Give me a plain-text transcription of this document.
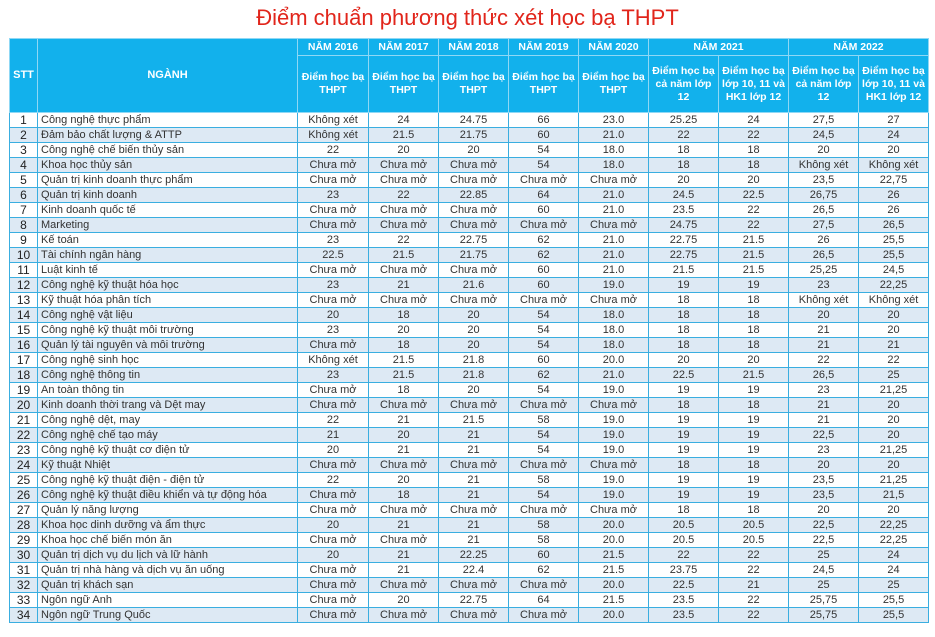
Điểm chuẩn phương thức xét học bạ THPT
STT	NGÀNH	NĂM 2016	NĂM 2017	NĂM 2018	NĂM 2019	NĂM 2020	NĂM 2021		NĂM 2022	
		Điểm học bạ THPT	Điểm học bạ THPT	Điểm học bạ THPT	Điểm học bạ THPT	Điểm học bạ THPT	Điểm học bạ cả năm lớp 12	Điểm học bạ lớp 10, 11 và HK1 lớp 12	Điểm học bạ cả năm lớp 12	Điểm học bạ lớp 10, 11 và HK1 lớp 12
1	Công nghệ thực phẩm	Không xét	24	24.75	66	23.0	25.25	24	27,5	27
2	Đảm bảo chất lượng & ATTP	Không xét	21.5	21.75	60	21.0	22	22	24,5	24
3	Công nghệ chế biến thủy sản	22	20	20	54	18.0	18	18	20	20
4	Khoa học thủy sản	Chưa mở	Chưa mở	Chưa mở	54	18.0	18	18	Không xét	Không xét
5	Quản trị kinh doanh thực phẩm	Chưa mở	Chưa mở	Chưa mở	Chưa mở	Chưa mở	20	20	23,5	22,75
6	Quản trị kinh doanh	23	22	22.85	64	21.0	24.5	22.5	26,75	26
7	Kinh doanh quốc tế	Chưa mở	Chưa mở	Chưa mở	60	21.0	23.5	22	26,5	26
8	Marketing	Chưa mở	Chưa mở	Chưa mở	Chưa mở	Chưa mở	24.75	22	27,5	26,5
9	Kế toán	23	22	22.75	62	21.0	22.75	21.5	26	25,5
10	Tài chính ngân hàng	22.5	21.5	21.75	62	21.0	22.75	21.5	26,5	25,5
11	Luật kinh tế	Chưa mở	Chưa mở	Chưa mở	60	21.0	21.5	21.5	25,25	24,5
12	Công nghệ kỹ thuật hóa học	23	21	21.6	60	19.0	19	19	23	22,25
13	Kỹ thuật hóa phân tích	Chưa mở	Chưa mở	Chưa mở	Chưa mở	Chưa mở	18	18	Không xét	Không xét
14	Công nghệ vật liệu	20	18	20	54	18.0	18	18	20	20
15	Công nghệ kỹ thuật môi trường	23	20	20	54	18.0	18	18	21	20
16	Quản lý tài nguyên và môi trường	Chưa mở	18	20	54	18.0	18	18	21	21
17	Công nghệ sinh học	Không xét	21.5	21.8	60	20.0	20	20	22	22
18	Công nghệ thông tin	23	21.5	21.8	62	21.0	22.5	21.5	26,5	25
19	An toàn thông tin	Chưa mở	18	20	54	19.0	19	19	23	21,25
20	Kinh doanh thời trang và Dệt may	Chưa mở	Chưa mở	Chưa mở	Chưa mở	Chưa mở	18	18	21	20
21	Công nghệ dệt, may	22	21	21.5	58	19.0	19	19	21	20
22	Công nghệ chế tạo máy	21	20	21	54	19.0	19	19	22,5	20
23	Công nghệ kỹ thuật cơ điện tử	20	21	21	54	19.0	19	19	23	21,25
24	Kỹ thuật Nhiệt	Chưa mở	Chưa mở	Chưa mở	Chưa mở	Chưa mở	18	18	20	20
25	Công nghệ kỹ thuật điện - điện tử	22	20	21	58	19.0	19	19	23,5	21,25
26	Công nghệ kỹ thuật điều khiển và tự động hóa	Chưa mở	18	21	54	19.0	19	19	23,5	21,5
27	Quản lý năng lượng	Chưa mở	Chưa mở	Chưa mở	Chưa mở	Chưa mở	18	18	20	20
28	Khoa học dinh dưỡng và ẩm thực	20	21	21	58	20.0	20.5	20.5	22,5	22,25
29	Khoa học chế biến món ăn	Chưa mở	Chưa mở	21	58	20.0	20.5	20.5	22,5	22,25
30	Quản trị dịch vụ du lịch và lữ hành	20	21	22.25	60	21.5	22	22	25	24
31	Quản trị nhà hàng và dịch vụ ăn uống	Chưa mở	21	22.4	62	21.5	23.75	22	24,5	24
32	Quản trị khách sạn	Chưa mở	Chưa mở	Chưa mở	Chưa mở	20.0	22.5	21	25	25
33	Ngôn ngữ Anh	Chưa mở	20	22.75	64	21.5	23.5	22	25,75	25,5
34	Ngôn ngữ Trung Quốc	Chưa mở	Chưa mở	Chưa mở	Chưa mở	20.0	23.5	22	25,75	25,5
